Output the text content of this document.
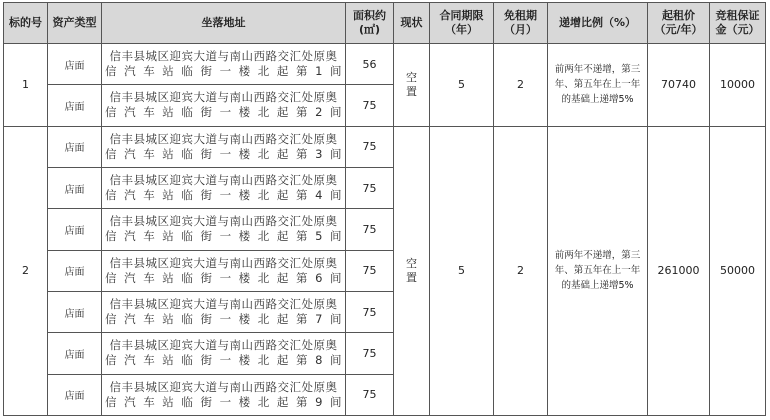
标的号	资产类型	坐落地址	面积约(㎡)	现状	合同期限（年）	免租期（月）	递增比例（%）	起租价（元/年）	竞租保证金（元）
1	店面	信丰县城区迎宾大道与南山西路交汇处原奥信汽车站临街一楼北起第1间	56	空置	5	2	前两年不递增，第三年、第五年在上一年的基础上递增5%	70740	10000
	店面	信丰县城区迎宾大道与南山西路交汇处原奥信汽车站临街一楼北起第2间	75						
2	店面	信丰县城区迎宾大道与南山西路交汇处原奥信汽车站临街一楼北起第3间	75	空置	5	2	前两年不递增，第三年、第五年在上一年的基础上递增5%	261000	50000
	店面	信丰县城区迎宾大道与南山西路交汇处原奥信汽车站临街一楼北起第4间	75						
	店面	信丰县城区迎宾大道与南山西路交汇处原奥信汽车站临街一楼北起第5间	75						
	店面	信丰县城区迎宾大道与南山西路交汇处原奥信汽车站临街一楼北起第6间	75						
	店面	信丰县城区迎宾大道与南山西路交汇处原奥信汽车站临街一楼北起第7间	75						
	店面	信丰县城区迎宾大道与南山西路交汇处原奥信汽车站临街一楼北起第8间	75						
	店面	信丰县城区迎宾大道与南山西路交汇处原奥信汽车站临街一楼北起第9间	75						
